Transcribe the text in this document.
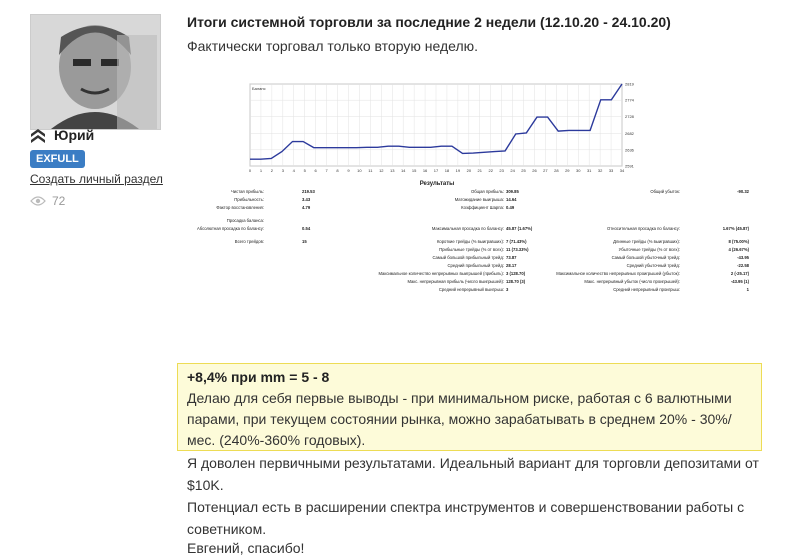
Юрий
EXFULL
Создать личный раздел
72
Итоги системной торговли за последние 2 недели (12.10.20 - 24.10.20)
Фактически торговал только вторую неделю.
2591
2636
2682
2728
2774
2819
0 1 2 3 4 5 6 7 8 9 10 11 12 13 14 15 16 17 18 19 20 21 22 23 24 25 26 27 28 29 30 31 32 33 34
Баланс
Результаты
Чистая прибыль:	219.53	Общая прибыль: 309.85	Общий убыток:	-90.32
Прибыльность:	3.43	Матожидание выигрыша: 14.64
Фактор восстановления:	4.79	Коэффициент Шарпа: 0.49
Просадка баланса:
Абсолютная просадка по балансу:	0.54	Максимальная просадка по балансу: 45.87 (1.67%)	Относительная просадка по балансу:	1.67% (45.87)
Всего трейдов:	15	Короткие трейды (% выигравших): 7 (71.43%)	Длинные трейды (% выигравших):	8 (75.00%)
Прибыльные трейды (% от всех): 11 (73.33%)	Убыточные трейды (% от всех):	4 (26.67%)
Самый большой прибыльный трейд: 73.87	Самый большой убыточный трейд:	-43.95
Средний прибыльный трейд: 28.17	Средний убыточный трейд:	-22.58
Максимальное количество непрерывных выигрышей (прибыль): 3 (128.70)	Максимальное количество непрерывных проигрышей (убыток):	2 (-25.17)
Макс. непрерывная прибыль (число выигрышей): 128.70 (3)	Макс. непрерывный убыток (число проигрышей):	-43.95 (1)
Средний непрерывный выигрыш: 3	Средний непрерывный проигрыш:	1
+8,4% при mm = 5 - 8
Делаю для себя первые выводы - при минимальном риске, работая с 6 валютными парами, при текущем состоянии рынка, можно зарабатывать в среднем 20% - 30%/мес. (240%-360% годовых).
Я доволен первичными результатами. Идеальный вариант для торговли депозитами от $10K.
Потенциал есть в расширении спектра инструментов и совершенствовании работы с советником.
Евгений, спасибо!
